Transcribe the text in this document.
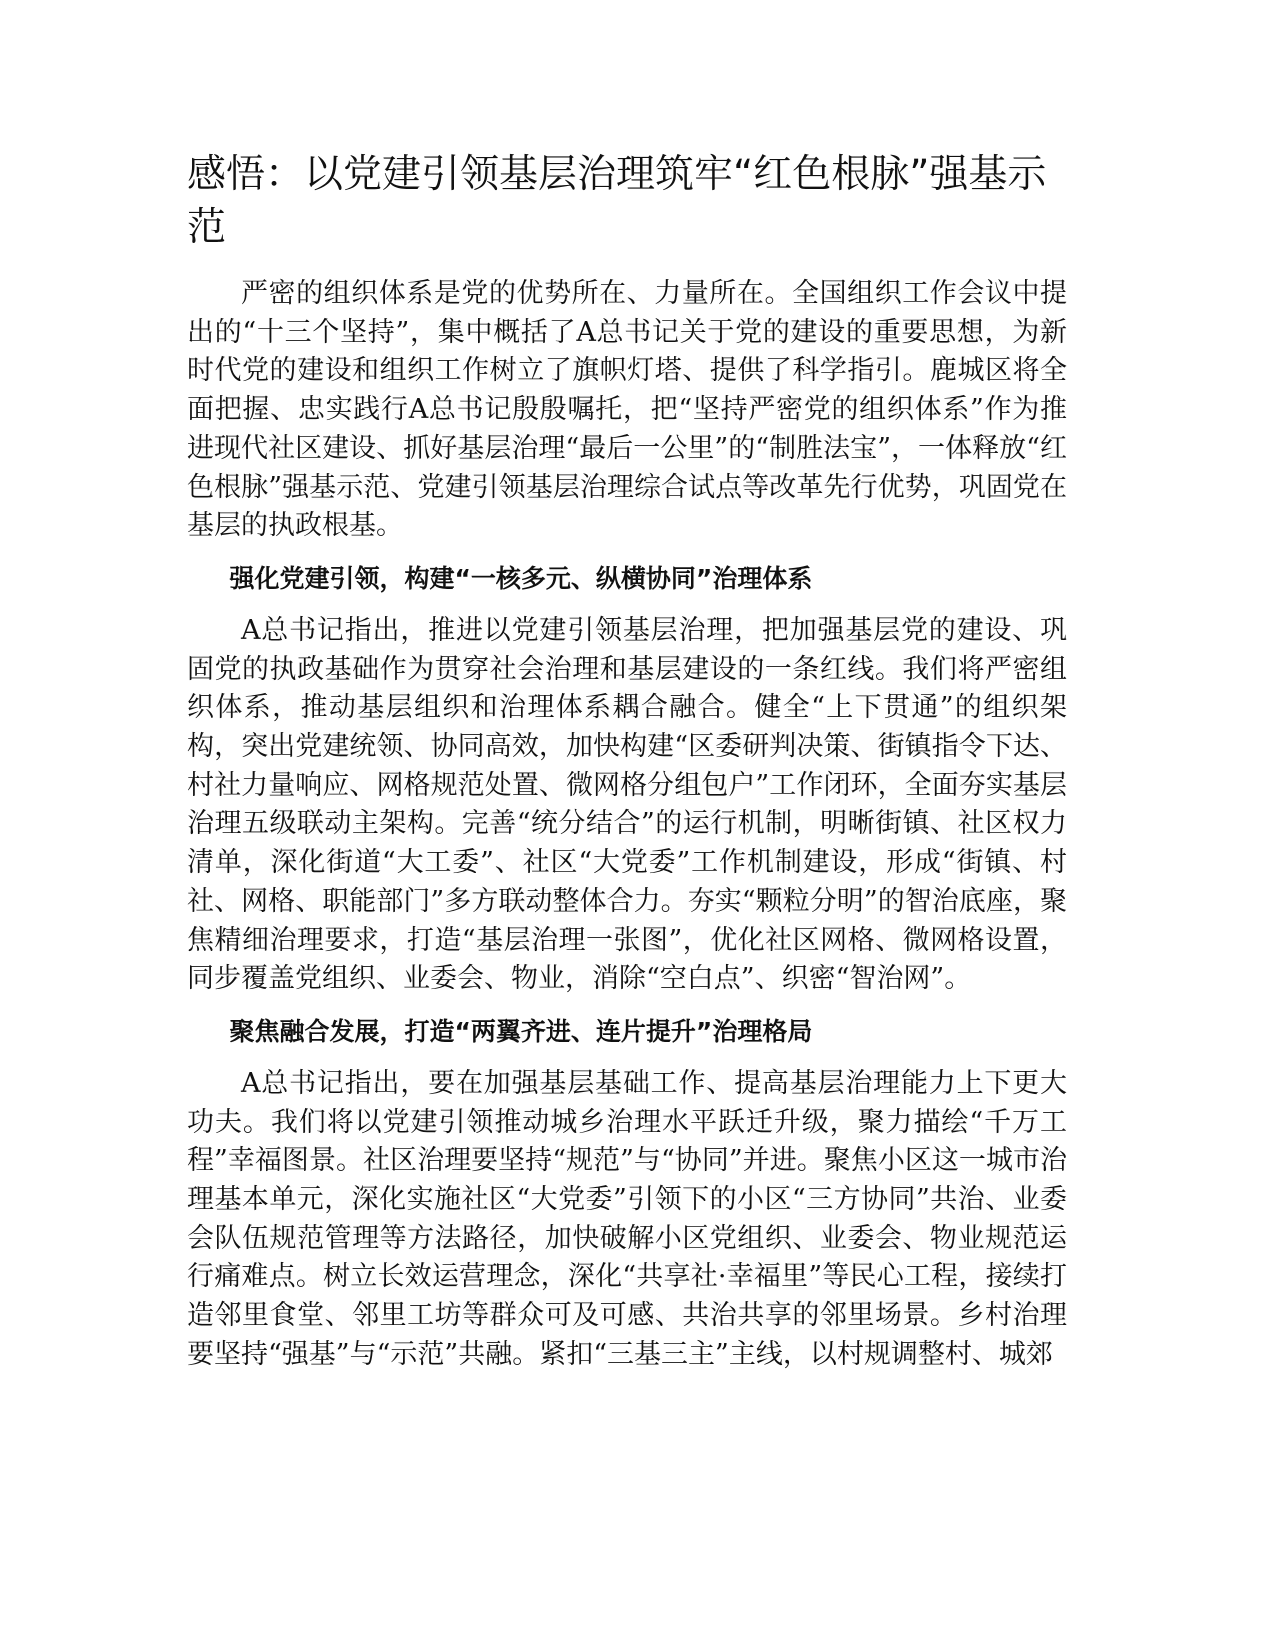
感悟：以党建引领基层治理筑牢“红色根脉”强基示范

严密的组织体系是党的优势所在、力量所在。全国组织工作会议中提出的“十三个坚持”，集中概括了A总书记关于党的建设的重要思想，为新时代党的建设和组织工作树立了旗帜灯塔、提供了科学指引。鹿城区将全面把握、忠实践行A总书记殷殷嘱托，把“坚持严密党的组织体系”作为推进现代社区建设、抓好基层治理“最后一公里”的“制胜法宝”，一体释放“红色根脉”强基示范、党建引领基层治理综合试点等改革先行优势，巩固党在基层的执政根基。

强化党建引领，构建“一核多元、纵横协同”治理体系

A总书记指出，推进以党建引领基层治理，把加强基层党的建设、巩固党的执政基础作为贯穿社会治理和基层建设的一条红线。我们将严密组织体系，推动基层组织和治理体系耦合融合。健全“上下贯通”的组织架构，突出党建统领、协同高效，加快构建“区委研判决策、街镇指令下达、村社力量响应、网格规范处置、微网格分组包户”工作闭环，全面夯实基层治理五级联动主架构。完善“统分结合”的运行机制，明晰街镇、社区权力清单，深化街道“大工委”、社区“大党委”工作机制建设，形成“街镇、村社、网格、职能部门”多方联动整体合力。夯实“颗粒分明”的智治底座，聚焦精细治理要求，打造“基层治理一张图”，优化社区网格、微网格设置，同步覆盖党组织、业委会、物业，消除“空白点”、织密“智治网”。

聚焦融合发展，打造“两翼齐进、连片提升”治理格局

A总书记指出，要在加强基层基础工作、提高基层治理能力上下更大功夫。我们将以党建引领推动城乡治理水平跃迁升级，聚力描绘“千万工程”幸福图景。社区治理要坚持“规范”与“协同”并进。聚焦小区这一城市治理基本单元，深化实施社区“大党委”引领下的小区“三方协同”共治、业委会队伍规范管理等方法路径，加快破解小区党组织、业委会、物业规范运行痛难点。树立长效运营理念，深化“共享社·幸福里”等民心工程，接续打造邻里食堂、邻里工坊等群众可及可感、共治共享的邻里场景。乡村治理要坚持“强基”与“示范”共融。紧扣“三基三主”主线，以村规调整村、城郊
